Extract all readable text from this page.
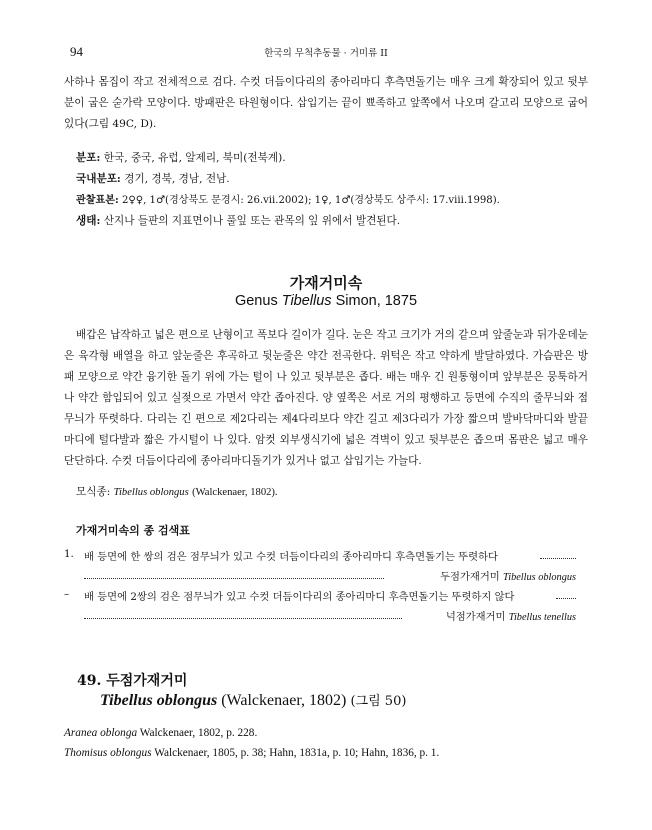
94	한국의 무척추동물 · 거미류 II

사하나 몸집이 작고 전체적으로 검다. 수컷 더듬이다리의 종아리마디 후측면돌기는 매우 크게 확장되어 있고 뒷부분이 굽은 숟가락 모양이다. 방패판은 타원형이다. 삽입기는 끝이 뾰족하고 앞쪽에서 나오며 갈고리 모양으로 굽어 있다(그림 49C, D).

분포: 한국, 중국, 유럽, 알제리, 북미(전북계).
국내분포: 경기, 경북, 경남, 전남.
관찰표본: 2♀♀, 1♂(경상북도 문경시: 26.vii.2002); 1♀, 1♂(경상북도 상주시: 17.viii.1998).
생태: 산지나 들판의 지표면이나 풀잎 또는 관목의 잎 위에서 발견된다.
가재거미속
Genus Tibellus Simon, 1875

배갑은 납작하고 넓은 편으로 난형이고 폭보다 길이가 길다. 눈은 작고 크기가 거의 같으며 앞줄눈과 뒤가운데눈은 육각형 배열을 하고 앞눈줄은 후곡하고 뒷눈줄은 약간 전곡한다. 위턱은 작고 약하게 발달하였다. 가슴판은 방패 모양으로 약간 융기한 돌기 위에 가는 털이 나 있고 뒷부분은 좁다. 배는 매우 긴 원통형이며 앞부분은 뭉툭하거나 약간 함입되어 있고 실젖으로 가면서 약간 좁아진다. 양 옆쪽은 서로 거의 평행하고 등면에 수직의 줄무늬와 점무늬가 뚜렷하다. 다리는 긴 편으로 제2다리는 제4다리보다 약간 길고 제3다리가 가장 짧으며 발바닥마디와 발끝마디에 털다발과 짧은 가시털이 나 있다. 암컷 외부생식기에 넓은 격벽이 있고 뒷부분은 좁으며 몸판은 넓고 매우 단단하다. 수컷 더듬이다리에 종아리마디돌기가 있거나 없고 삽입기는 가늘다.

모식종: Tibellus oblongus (Walckenaer, 1802).
가재거미속의 종 검색표
1. 배 등면에 한 쌍의 검은 점무늬가 있고 수컷 더듬이다리의 종아리마디 후측면돌기는 뚜렷하다
두점가재거미 Tibellus oblongus
–	배 등면에 2쌍의 검은 점무늬가 있고 수컷 더듬이다리의 종아리마디 후측면돌기는 뚜렷하지 않다
넉점가재거미 Tibellus tenellus
49. 두점가재거미
Tibellus oblongus (Walckenaer, 1802) (그림 50)
Aranea oblonga Walckenaer, 1802, p. 228.
Thomisus oblongus Walckenaer, 1805, p. 38; Hahn, 1831a, p. 10; Hahn, 1836, p. 1.
